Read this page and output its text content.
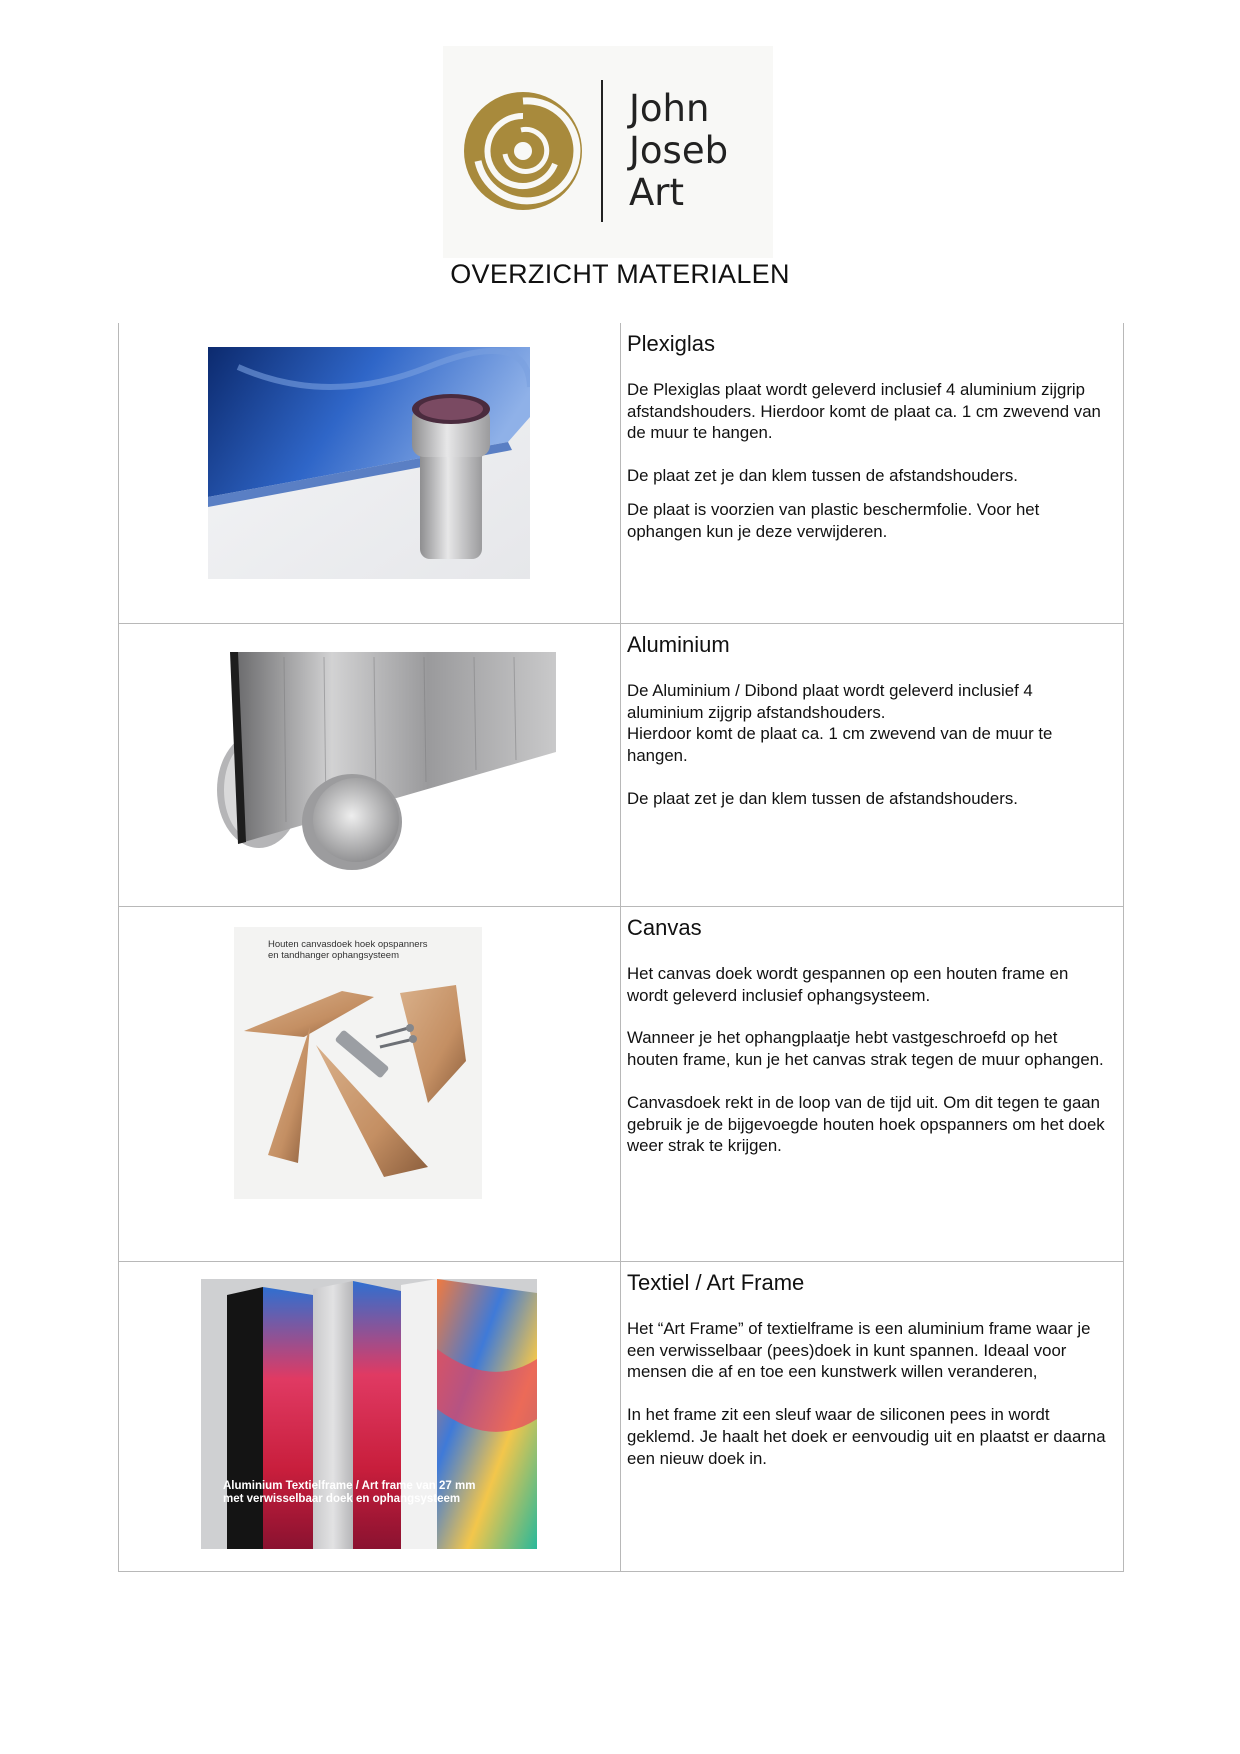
John
Joseb
Art
OVERZICHT MATERIALEN
Plexiglas

De Plexiglas plaat wordt geleverd inclusief 4 aluminium zijgrip afstandshouders. Hierdoor komt de plaat ca. 1 cm zwevend van de muur te hangen.

De plaat zet je dan klem tussen de afstandshouders.

De plaat is voorzien van plastic beschermfolie. Voor het ophangen kun je deze verwijderen.

Aluminium

De Aluminium / Dibond plaat wordt geleverd inclusief 4 aluminium zijgrip afstandshouders.

Hierdoor komt de plaat ca. 1 cm zwevend van de muur te hangen.

De plaat zet je dan klem tussen de afstandshouders.

Houten canvasdoek hoek opspanners
en tandhanger ophangsysteem
Canvas

Het canvas doek wordt gespannen op een houten frame en wordt geleverd inclusief ophangsysteem.

Wanneer je het ophangplaatje hebt vastgeschroefd op het houten frame, kun je het canvas strak tegen de muur ophangen.

Canvasdoek rekt in de loop van de tijd uit. Om dit tegen te gaan gebruik je de bijgevoegde houten hoek opspanners om het doek weer strak te krijgen.

Aluminium Textielframe / Art frame van 27 mm
met verwisselbaar doek en ophangsysteem
Textiel / Art Frame

Het “Art Frame” of textielframe is een aluminium frame waar je een verwisselbaar (pees)doek in kunt spannen. Ideaal voor mensen die af en toe een kunstwerk willen veranderen,

In het frame zit een sleuf waar de siliconen pees in wordt geklemd. Je haalt het doek er eenvoudig uit en plaatst er daarna een nieuw doek in.
